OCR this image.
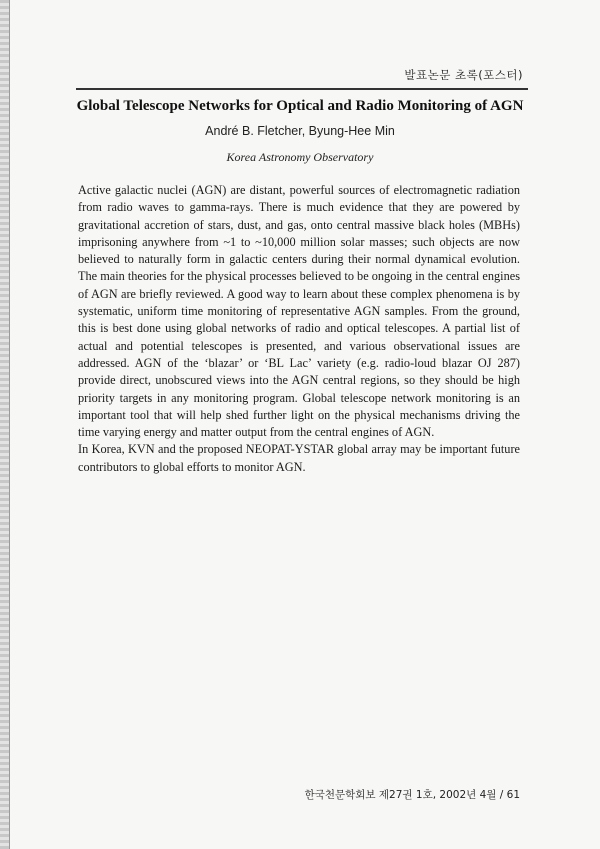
발표논문 초록(포스터)
Global Telescope Networks for Optical and Radio Monitoring of AGN
André B. Fletcher, Byung-Hee Min
Korea Astronomy Observatory

Active galactic nuclei (AGN) are distant, powerful sources of electromagnetic radiation from radio waves to gamma-rays. There is much evidence that they are powered by gravitational accretion of stars, dust, and gas, onto central massive black holes (MBHs) imprisoning anywhere from ~1 to ~10,000 million solar masses; such objects are now believed to naturally form in galactic centers during their normal dynamical evolution. The main theories for the physical processes believed to be ongoing in the central engines of AGN are briefly reviewed. A good way to learn about these complex phenomena is by systematic, uniform time monitoring of representative AGN samples. From the ground, this is best done using global networks of radio and optical telescopes. A partial list of actual and potential telescopes is presented, and various observational issues are addressed. AGN of the ‘blazar’ or ‘BL Lac’ variety (e.g. radio-loud blazar OJ 287) provide direct, unobscured views into the AGN central regions, so they should be high priority targets in any monitoring program. Global telescope network monitoring is an important tool that will help shed further light on the physical mechanisms driving the time varying energy and matter output from the central engines of AGN.

In Korea, KVN and the proposed NEOPAT-YSTAR global array may be important future contributors to global efforts to monitor AGN.

한국천문학회보 제27권 1호, 2002년 4월 / 61
